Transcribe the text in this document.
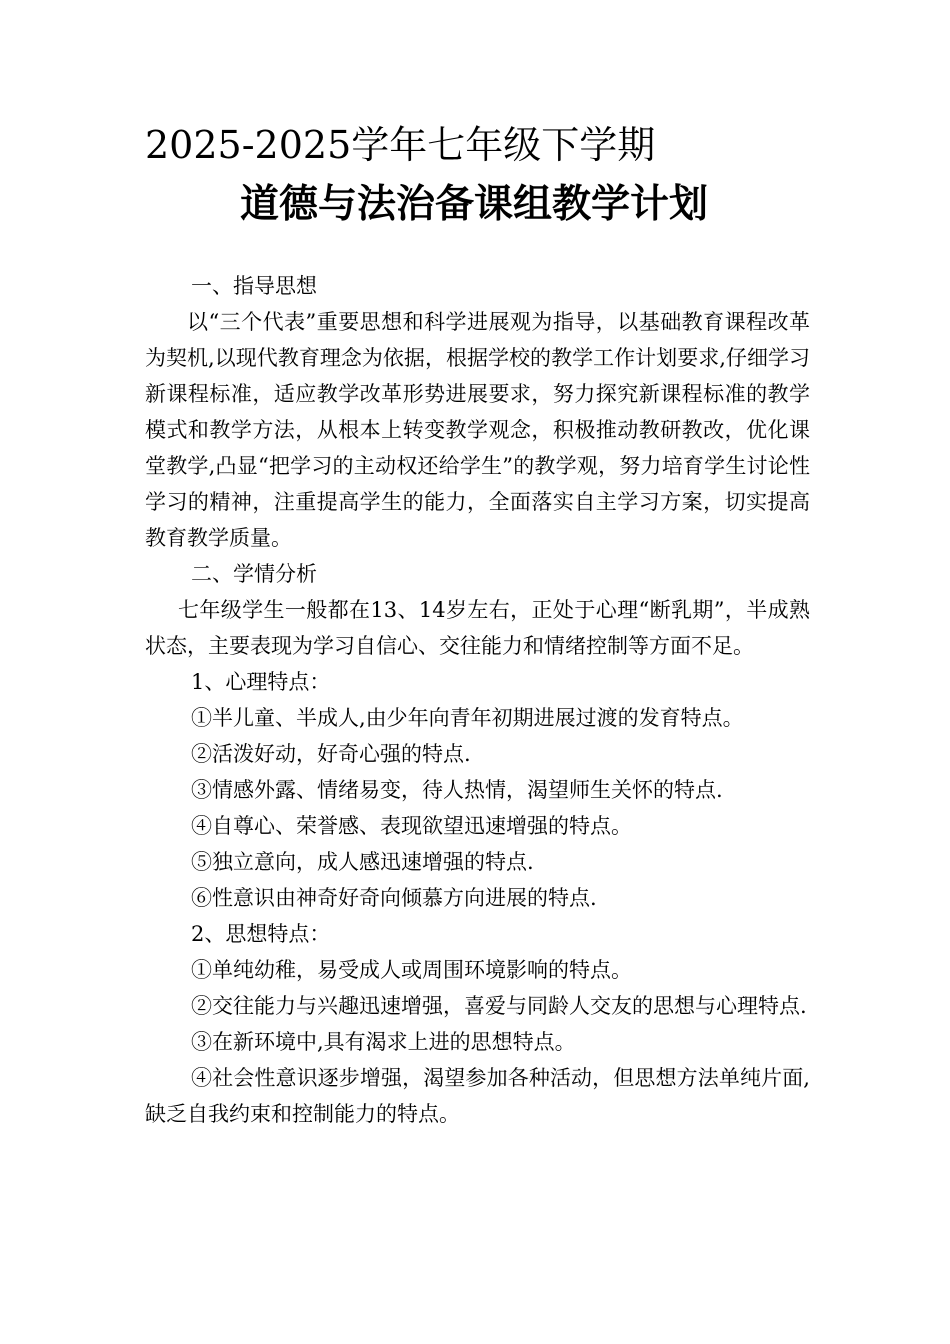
2025-2025学年七年级下学期
道德与法治备课组教学计划

一、指导思想

以“三个代表”重要思想和科学进展观为指导，以基础教育课程改革为契机,以现代教育理念为依据，根据学校的教学工作计划要求,仔细学习新课程标准，适应教学改革形势进展要求，努力探究新课程标准的教学模式和教学方法，从根本上转变教学观念，积极推动教研教改，优化课堂教学,凸显“把学习的主动权还给学生”的教学观，努力培育学生讨论性学习的精神，注重提高学生的能力，全面落实自主学习方案，切实提高教育教学质量。

二、学情分析

七年级学生一般都在13、14岁左右，正处于心理“断乳期”，半成熟状态，主要表现为学习自信心、交往能力和情绪控制等方面不足。

1、心理特点：

①半儿童、半成人,由少年向青年初期进展过渡的发育特点。

②活泼好动，好奇心强的特点.

③情感外露、情绪易变，待人热情，渴望师生关怀的特点.

④自尊心、荣誉感、表现欲望迅速增强的特点。

⑤独立意向，成人感迅速增强的特点.

⑥性意识由神奇好奇向倾慕方向进展的特点.

2、思想特点：

①单纯幼稚，易受成人或周围环境影响的特点。

②交往能力与兴趣迅速增强，喜爱与同龄人交友的思想与心理特点.

③在新环境中,具有渴求上进的思想特点。

④社会性意识逐步增强，渴望参加各种活动，但思想方法单纯片面,缺乏自我约束和控制能力的特点。
